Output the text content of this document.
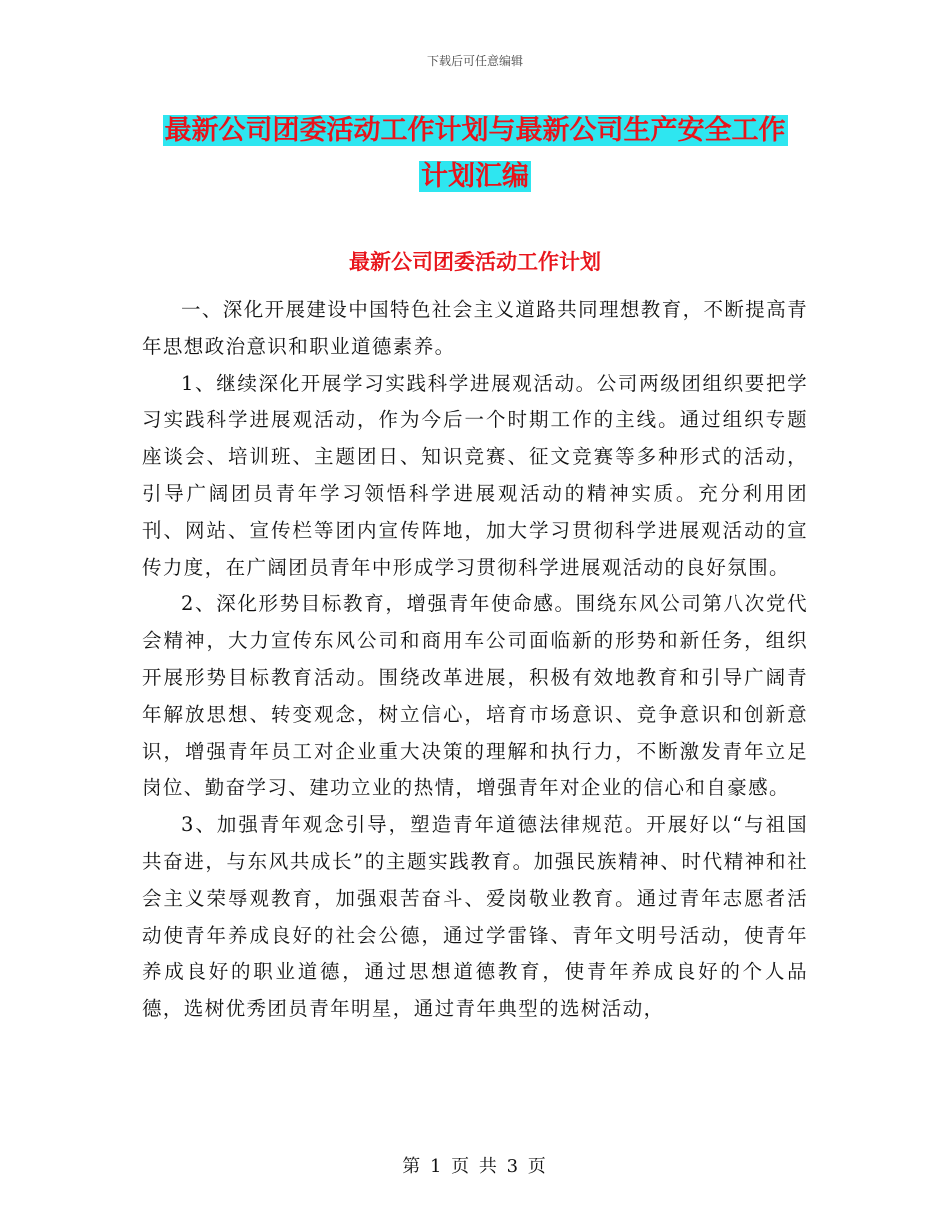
下载后可任意编辑
最新公司团委活动工作计划与最新公司生产安全工作
计划汇编
最新公司团委活动工作计划

一、深化开展建设中国特色社会主义道路共同理想教育，不断提高青年思想政治意识和职业道德素养。

1、继续深化开展学习实践科学进展观活动。公司两级团组织要把学习实践科学进展观活动，作为今后一个时期工作的主线。通过组织专题座谈会、培训班、主题团日、知识竞赛、征文竞赛等多种形式的活动，引导广阔团员青年学习领悟科学进展观活动的精神实质。充分利用团刊、网站、宣传栏等团内宣传阵地，加大学习贯彻科学进展观活动的宣传力度，在广阔团员青年中形成学习贯彻科学进展观活动的良好氛围。

2、深化形势目标教育，增强青年使命感。围绕东风公司第八次党代会精神，大力宣传东风公司和商用车公司面临新的形势和新任务，组织开展形势目标教育活动。围绕改革进展，积极有效地教育和引导广阔青年解放思想、转变观念，树立信心，培育市场意识、竞争意识和创新意识，增强青年员工对企业重大决策的理解和执行力，不断激发青年立足岗位、勤奋学习、建功立业的热情，增强青年对企业的信心和自豪感。

3、加强青年观念引导，塑造青年道德法律规范。开展好以“与祖国共奋进，与东风共成长”的主题实践教育。加强民族精神、时代精神和社会主义荣辱观教育，加强艰苦奋斗、爱岗敬业教育。通过青年志愿者活动使青年养成良好的社会公德，通过学雷锋、青年文明号活动，使青年养成良好的职业道德，通过思想道德教育，使青年养成良好的个人品德，选树优秀团员青年明星，通过青年典型的选树活动，

第 1 页 共 3 页
